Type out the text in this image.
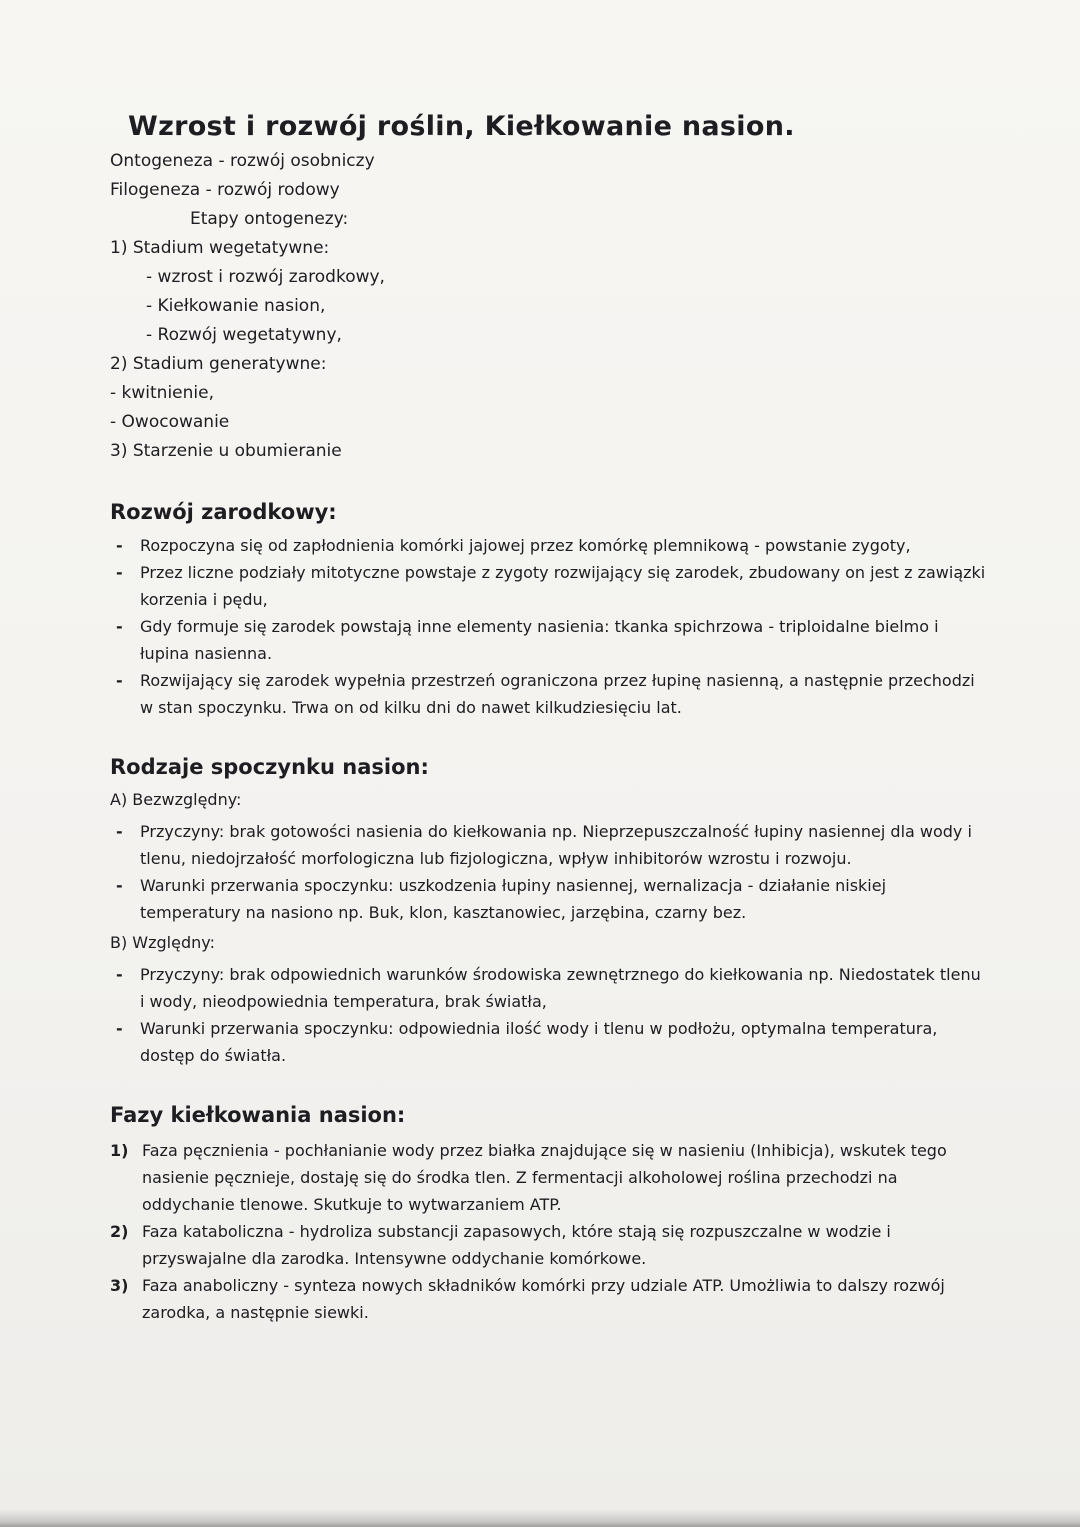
Wzrost i rozwój roślin, Kiełkowanie nasion.

Ontogeneza - rozwój osobniczy

Filogeneza - rozwój rodowy

Etapy ontogenezy:

1) Stadium wegetatywne:

- wzrost i rozwój zarodkowy,

- Kiełkowanie nasion,

- Rozwój wegetatywny,

2) Stadium generatywne:

- kwitnienie,

- Owocowanie

3) Starzenie u obumieranie

Rozwój zarodkowy:
- Rozpoczyna się od zapłodnienia komórki jajowej przez komórkę plemnikową - powstanie zygoty,
- Przez liczne podziały mitotyczne powstaje z zygoty rozwijający się zarodek, zbudowany on jest z zawiązki korzenia i pędu,
- Gdy formuje się zarodek powstają inne elementy nasienia: tkanka spichrzowa - triploidalne bielmo i łupina nasienna.
- Rozwijający się zarodek wypełnia przestrzeń ograniczona przez łupinę nasienną, a następnie przechodzi w stan spoczynku. Trwa on od kilku dni do nawet kilkudziesięciu lat.
Rodzaje spoczynku nasion:

A) Bezwzględny:

- Przyczyny: brak gotowości nasienia do kiełkowania np. Nieprzepuszczalność łupiny nasiennej dla wody i tlenu, niedojrzałość morfologiczna lub fizjologiczna, wpływ inhibitorów wzrostu i rozwoju.
- Warunki przerwania spoczynku: uszkodzenia łupiny nasiennej, wernalizacja - działanie niskiej temperatury na nasiono np. Buk, klon, kasztanowiec, jarzębina, czarny bez.

B) Względny:

- Przyczyny: brak odpowiednich warunków środowiska zewnętrznego do kiełkowania np. Niedostatek tlenu i wody, nieodpowiednia temperatura, brak światła,
- Warunki przerwania spoczynku: odpowiednia ilość wody i tlenu w podłożu, optymalna temperatura, dostęp do światła.
Fazy kiełkowania nasion:
1) Faza pęcznienia - pochłanianie wody przez białka znajdujące się w nasieniu (Inhibicja), wskutek tego nasienie pęcznieje, dostaję się do środka tlen. Z fermentacji alkoholowej roślina przechodzi na oddychanie tlenowe. Skutkuje to wytwarzaniem ATP.
2) Faza kataboliczna - hydroliza substancji zapasowych, które stają się rozpuszczalne w wodzie i przyswajalne dla zarodka. Intensywne oddychanie komórkowe.
3) Faza anaboliczny - synteza nowych składników komórki przy udziale ATP. Umożliwia to dalszy rozwój zarodka, a następnie siewki.
